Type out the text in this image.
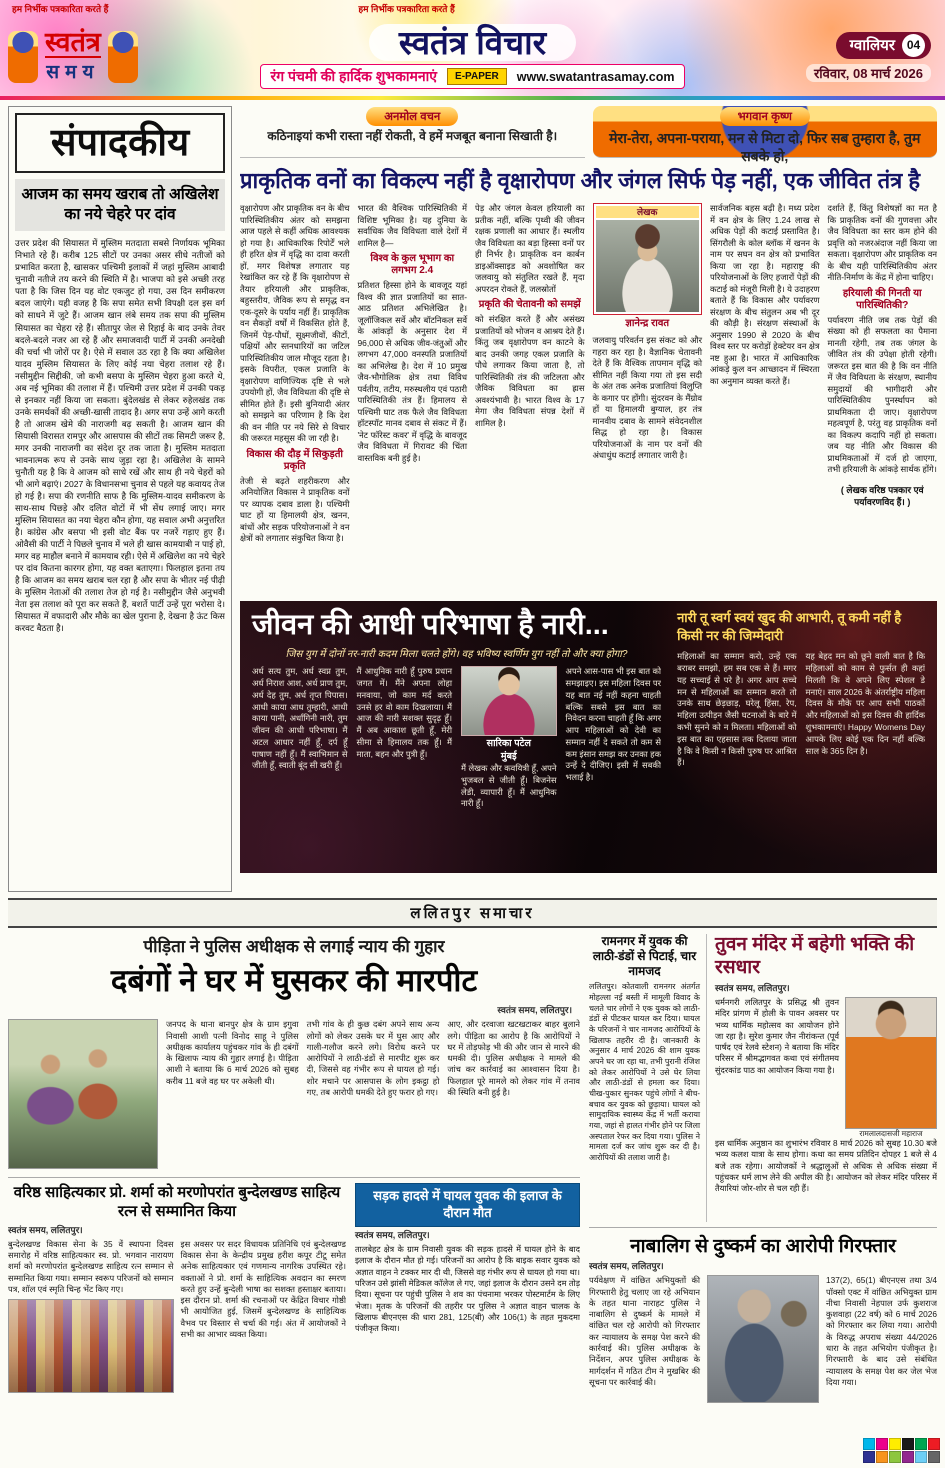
हम निर्भीक पत्रकारिता करते हैं	हम निर्भीक पत्रकारिता करते हैं
स्वतंत्र
समय
स्वतंत्र विचार
रंग पंचमी की हार्दिक शुभकामनाएं	E-PAPER	www.swatantrasamay.com
ग्वालियर 04
रविवार, 08 मार्च 2026
संपादकीय
आजम का समय खराब तो अखिलेश का नये चेहरे पर दांव
उत्तर प्रदेश की सियासत में मुस्लिम मतदाता सबसे निर्णायक भूमिका निभाते रहे हैं। करीब 125 सीटों पर उनका असर सीधे नतीजों को प्रभावित करता है, खासकर पश्चिमी इलाकों में जहां मुस्लिम आबादी चुनावी नतीजे तय करने की स्थिति में है। भाजपा को इसे अच्छी तरह पता है कि जिस दिन यह वोट एकजुट हो गया, उस दिन समीकरण बदल जाएंगे। यही वजह है कि सपा समेत सभी विपक्षी दल इस वर्ग को साधने में जुटे हैं। आजम खान लंबे समय तक सपा की मुस्लिम सियासत का चेहरा रहे हैं। सीतापुर जेल से रिहाई के बाद उनके तेवर बदले-बदले नजर आ रहे हैं और समाजवादी पार्टी में उनकी अनदेखी की चर्चा भी जोरों पर है। ऐसे में सवाल उठ रहा है कि क्या अखिलेश यादव मुस्लिम सियासत के लिए कोई नया चेहरा तलाश रहे हैं। नसीमुद्दीन सिद्दीकी, जो कभी बसपा के मुस्लिम चेहरा हुआ करते थे, अब नई भूमिका की तलाश में हैं। पश्चिमी उत्तर प्रदेश में उनकी पकड़ से इनकार नहीं किया जा सकता। बुंदेलखंड से लेकर रुहेलखंड तक उनके समर्थकों की अच्छी-खासी तादाद है। अगर सपा उन्हें आगे करती है तो आजम खेमे की नाराजगी बढ़ सकती है। आजम खान की सियासी विरासत रामपुर और आसपास की सीटों तक सिमटी जरूर है, मगर उनकी नाराजगी का संदेश दूर तक जाता है। मुस्लिम मतदाता भावनात्मक रूप से उनके साथ जुड़ा रहा है। अखिलेश के सामने चुनौती यह है कि वे आजम को साधे रखें और साथ ही नये चेहरों को भी आगे बढ़ाएं। 2027 के विधानसभा चुनाव से पहले यह कवायद तेज हो गई है। सपा की रणनीति साफ है कि मुस्लिम-यादव समीकरण के साथ-साथ पिछड़े और दलित वोटों में भी सेंध लगाई जाए। मगर मुस्लिम सियासत का नया चेहरा कौन होगा, यह सवाल अभी अनुत्तरित है। कांग्रेस और बसपा भी इसी वोट बैंक पर नजरें गड़ाए हुए हैं। ओवैसी की पार्टी ने पिछले चुनाव में भले ही खास कामयाबी न पाई हो, मगर वह माहौल बनाने में कामयाब रही। ऐसे में अखिलेश का नये चेहरे पर दांव कितना कारगर होगा, यह वक्त बताएगा। फिलहाल इतना तय है कि आजम का समय खराब चल रहा है और सपा के भीतर नई पीढ़ी के मुस्लिम नेताओं की तलाश तेज हो गई है। नसीमुद्दीन जैसे अनुभवी नेता इस तलाश को पूरा कर सकते हैं, बशर्ते पार्टी उन्हें पूरा भरोसा दे। सियासत में वफादारी और मौके का खेल पुराना है, देखना है ऊंट किस करवट बैठता है।
अनमोल वचन
कठिनाइयां कभी रास्ता नहीं रोकती, वे हमें मजबूत बनाना सिखाती है।
भगवान कृष्ण
मेरा-तेरा, अपना-पराया, मन से मिटा दो, फिर सब तुम्हारा है, तुम सबके हो,
प्राकृतिक वनों का विकल्प नहीं है वृक्षारोपण और जंगल सिर्फ पेड़ नहीं, एक जीवित तंत्र है

वृक्षारोपण और प्राकृतिक वन के बीच पारिस्थितिकीय अंतर को समझना आज पहले से कहीं अधिक आवश्यक हो गया है। आधिकारिक रिपोर्टें भले ही हरित क्षेत्र में वृद्धि का दावा करती हों, मगर विशेषज्ञ लगातार यह रेखांकित कर रहे हैं कि वृक्षारोपण से तैयार हरियाली और प्राकृतिक, बहुस्तरीय, जैविक रूप से समृद्ध वन एक-दूसरे के पर्याय नहीं हैं। प्राकृतिक वन सैकड़ों वर्षों में विकसित होते हैं, जिनमें पेड़-पौधों, सूक्ष्मजीवों, कीटों, पक्षियों और स्तनधारियों का जटिल पारिस्थितिकीय जाल मौजूद रहता है। इसके विपरीत, एकल प्रजाति के वृक्षारोपण वाणिज्यिक दृष्टि से भले उपयोगी हों, जैव विविधता की दृष्टि से सीमित होते हैं। इसी बुनियादी अंतर को समझने का परिणाम है कि देश की वन नीति पर नये सिरे से विचार की जरूरत महसूस की जा रही है।

विकास की दौड़ में सिकुड़ती प्रकृति

तेजी से बढ़ते शहरीकरण और अनियोजित विकास ने प्राकृतिक वनों पर व्यापक दबाव डाला है। पश्चिमी घाट हों या हिमालयी क्षेत्र, खनन, बांधों और सड़क परियोजनाओं ने वन क्षेत्रों को लगातार संकुचित किया है।

भारत की वैश्विक पारिस्थितिकी में विशिष्ट भूमिका है। यह दुनिया के सर्वाधिक जैव विविधता वाले देशों में शामिल है—

विश्व के कुल भूभाग का लगभग 2.4

प्रतिशत हिस्सा होने के बावजूद यहां विश्व की ज्ञात प्रजातियों का सात-आठ प्रतिशत अभिलेखित है। जूलॉजिकल सर्वे और बॉटनिकल सर्वे के आंकड़ों के अनुसार देश में 96,000 से अधिक जीव-जंतुओं और लगभग 47,000 वनस्पति प्रजातियों का अभिलेख है। देश में 10 प्रमुख जैव-भौगोलिक क्षेत्र तथा विविध पर्वतीय, तटीय, मरुस्थलीय एवं पठारी पारिस्थितिकी तंत्र हैं। हिमालय से पश्चिमी घाट तक फैले जैव विविधता हॉटस्पॉट मानव दबाव से संकट में हैं। 'नेट फॉरेस्ट कवर' में वृद्धि के बावजूद जैव विविधता में गिरावट की चिंता वास्तविक बनी हुई है।

पेड़ और जंगल केवल हरियाली का प्रतीक नहीं, बल्कि पृथ्वी की जीवन रक्षक प्रणाली का आधार हैं। स्थलीय जैव विविधता का बड़ा हिस्सा वनों पर ही निर्भर है। प्राकृतिक वन कार्बन डाइऑक्साइड को अवशोषित कर जलवायु को संतुलित रखते हैं, मृदा अपरदन रोकते हैं, जलस्रोतों

प्रकृति की चेतावनी को समझें

को संरक्षित करते हैं और असंख्य प्रजातियों को भोजन व आश्रय देते हैं। किंतु जब वृक्षारोपण वन काटने के बाद उनकी जगह एकल प्रजाति के पौधे लगाकर किया जाता है, तो पारिस्थितिकी तंत्र की जटिलता और जैविक विविधता का ह्रास अवश्यंभावी है। भारत विश्व के 17 मेगा जैव विविधता संपन्न देशों में शामिल है।

लेखक
ज्ञानेन्द्र रावत

जलवायु परिवर्तन इस संकट को और गहरा कर रहा है। वैज्ञानिक चेतावनी देते हैं कि वैश्विक तापमान वृद्धि को सीमित नहीं किया गया तो इस सदी के अंत तक अनेक प्रजातियां विलुप्ति के कगार पर होंगी। सुंदरवन के मैंग्रोव हों या हिमालयी बुग्याल, हर तंत्र मानवीय दबाव के सामने संवेदनशील सिद्ध हो रहा है। विकास परियोजनाओं के नाम पर वनों की अंधाधुंध कटाई लगातार जारी है।

सार्वजनिक बहस बढ़ी है। मध्य प्रदेश में वन क्षेत्र के लिए 1.24 लाख से अधिक पेड़ों की कटाई प्रस्तावित है। सिंगरौली के कोल ब्लॉक में खनन के नाम पर सघन वन क्षेत्र को प्रभावित किया जा रहा है। महाराष्ट्र की परियोजनाओं के लिए हजारों पेड़ों की कटाई को मंजूरी मिली है। ये उदाहरण बताते हैं कि विकास और पर्यावरण संरक्षण के बीच संतुलन अब भी दूर की कौड़ी है। संरक्षण संस्थाओं के अनुसार 1990 से 2020 के बीच विश्व स्तर पर करोड़ों हेक्टेयर वन क्षेत्र नष्ट हुआ है। भारत में आधिकारिक आंकड़े कुल वन आच्छादन में स्थिरता का अनुमान व्यक्त करते हैं।

दर्शाते हैं, किंतु विशेषज्ञों का मत है कि प्राकृतिक वनों की गुणवत्ता और जैव विविधता का स्तर कम होने की प्रवृत्ति को नजरअंदाज नहीं किया जा सकता। वृक्षारोपण और प्राकृतिक वन के बीच यही पारिस्थितिकीय अंतर नीति-निर्माण के केंद्र में होना चाहिए।

हरियाली की गिनती या पारिस्थितिकी?

पर्यावरण नीति जब तक पेड़ों की संख्या को ही सफलता का पैमाना मानती रहेगी, तब तक जंगल के जीवित तंत्र की उपेक्षा होती रहेगी। जरूरत इस बात की है कि वन नीति में जैव विविधता के संरक्षण, स्थानीय समुदायों की भागीदारी और पारिस्थितिकीय पुनर्स्थापन को प्राथमिकता दी जाए। वृक्षारोपण महत्वपूर्ण है, परंतु वह प्राकृतिक वनों का विकल्प कदापि नहीं हो सकता। जब यह नीति और विकास की प्राथमिकताओं में दर्ज हो जाएगा, तभी हरियाली के आंकड़े सार्थक होंगे।

( लेखक वरिष्ठ पत्रकार एवं पर्यावरणविद हैं। )
जीवन की आधी परिभाषा है नारी...
जिस युग में दोनों नर-नारी कदम मिला चलते होंगे। वह भविष्य स्वर्णिम युग नहीं तो और क्या होगा?
अर्ध सत्य तुम, अर्ध स्वप्न तुम, अर्ध निराश आश, अर्ध प्राण तुम, अर्ध देह तुम, अर्ध तृप्त पिपास। आधी काया आध तुम्हारी, आधी काया पानी, अर्धांगिनी नारी, तुम जीवन की आधी परिभाषा। मैं अटल आधार नहीं हूँ, दर्प हूँ पाषाण नहीं हूँ। मैं स्वाभिमान से जीती हूँ, स्वाती बूंद सी खरी हूँ।
मैं आधुनिक नारी हूँ पुरुष प्रधान जगत में। मैंने अपना लोहा मनवाया, जो काम मर्द करते उनसे हर वो काम दिखलाया। मैं आज की नारी सशक्त सुदृढ़ हूँ। मैं अब आकाश छूती हूँ, मेरी सीमा से हिमालय तक हूँ। मैं माता, बहन और पुत्री हूँ।
सारिका पटेल
मुंबई

मैं लेखक और कवयित्री हूँ, अपने भुजबल से जीती हूँ। बिजनेस लेडी, व्यापारी हूँ। मैं आधुनिक नारी हूँ।

अपने आस-पास भी इस बात को समझाइए। इस महिला दिवस पर यह बात नई नहीं कहना चाहती बल्कि सबसे इस बात का निवेदन करना चाहती हूँ कि अगर आप महिलाओं को देवी का सम्मान नहीं दे सकते तो कम से कम इंसान समझ कर उनका हक उन्हें दे दीजिए। इसी में सबकी भलाई है।
नारी तू स्वर्ग स्वयं खुद की आभारी, तू कमी नहीं है किसी नर की जिम्मेदारी
महिलाओं का सम्मान करो, उन्हें एक बराबर समझो, हम सब एक से हैं। मगर यह सच्चाई से परे है। अगर आप सच्चे मन से महिलाओं का सम्मान करते तो उनके साथ छेड़छाड़, घरेलू हिंसा, रेप, महिला उत्पीड़न जैसी घटनाओं के बारे में कभी सुनने को न मिलता। महिलाओं को इस बात का एहसास तक दिलाया जाता है कि वे किसी न किसी पुरुष पर आश्रित हैं।
यह बेहद मन को छूने वाली बात है कि महिलाओं को काम से फुर्सत ही कहां मिलती कि वे अपने लिए स्पेशल डे मनाएं। साल 2026 के अंतर्राष्ट्रीय महिला दिवस के मौके पर आप सभी पाठकों और महिलाओं को इस दिवस की हार्दिक शुभकामनाएं। Happy Womens Day आपके लिए कोई एक दिन नहीं बल्कि साल के 365 दिन है।
ललितपुर समाचार
पीड़िता ने पुलिस अधीक्षक से लगाई न्याय की गुहार
दबंगों ने घर में घुसकर की मारपीट
स्वतंत्र समय, ललितपुर।
जनपद के थाना बानपुर क्षेत्र के ग्राम इगुवा निवासी आशी पत्नी विनोद साहू ने पुलिस अधीक्षक कार्यालय पहुंचकर गांव के ही दबंगों के खिलाफ न्याय की गुहार लगाई है। पीड़िता आशी ने बताया कि 6 मार्च 2026 को सुबह करीब 11 बजे वह घर पर अकेली थी।
तभी गांव के ही कुछ दबंग अपने साथ अन्य लोगों को लेकर उसके घर में घुस आए और गाली-गलौज करने लगे। विरोध करने पर आरोपियों ने लाठी-डंडों से मारपीट शुरू कर दी, जिससे वह गंभीर रूप से घायल हो गई। शोर मचाने पर आसपास के लोग इकट्ठा हो गए, तब आरोपी धमकी देते हुए फरार हो गए।
आए, और दरवाजा खटखटाकर बाहर बुलाने लगे। पीड़िता का आरोप है कि आरोपियों ने घर में तोड़फोड़ भी की और जान से मारने की धमकी दी। पुलिस अधीक्षक ने मामले की जांच कर कार्रवाई का आश्वासन दिया है। फिलहाल पूरे मामले को लेकर गांव में तनाव की स्थिति बनी हुई है।
वरिष्ठ साहित्यकार प्रो. शर्मा को मरणोपरांत बुन्देलखण्ड साहित्य रत्न से सम्मानित किया
स्वतंत्र समय, ललितपुर।

बुन्देलखण्ड विकास सेना के 35 वें स्थापना दिवस समारोह में वरिष्ठ साहित्यकार स्व. प्रो. भगवान नारायण शर्मा को मरणोपरांत बुन्देलखण्ड साहित्य रत्न सम्मान से सम्मानित किया गया। सम्मान स्वरूप परिजनों को सम्मान पत्र, शॉल एवं स्मृति चिन्ह भेंट किए गए।

इस अवसर पर सदर विधायक प्रतिनिधि एवं बुन्देलखण्ड विकास सेना के केन्द्रीय प्रमुख हरीश कपूर टीटू समेत अनेक साहित्यकार एवं गणमान्य नागरिक उपस्थित रहे। वक्ताओं ने प्रो. शर्मा के साहित्यिक अवदान का स्मरण करते हुए उन्हें बुन्देली भाषा का सशक्त हस्ताक्षर बताया। इस दौरान प्रो. शर्मा की रचनाओं पर केंद्रित विचार गोष्ठी भी आयोजित हुई, जिसमें बुन्देलखण्ड के साहित्यिक वैभव पर विस्तार से चर्चा की गई। अंत में आयोजकों ने सभी का आभार व्यक्त किया।
सड़क हादसे में घायल युवक की इलाज के दौरान मौत
स्वतंत्र समय, ललितपुर।
तालबेहट क्षेत्र के ग्राम निवासी युवक की सड़क हादसे में घायल होने के बाद इलाज के दौरान मौत हो गई। परिजनों का आरोप है कि बाइक सवार युवक को अज्ञात वाहन ने टक्कर मार दी थी, जिससे वह गंभीर रूप से घायल हो गया था। परिजन उसे झांसी मेडिकल कॉलेज ले गए, जहां इलाज के दौरान उसने दम तोड़ दिया। सूचना पर पहुंची पुलिस ने शव का पंचनामा भरकर पोस्टमार्टम के लिए भेजा। मृतक के परिजनों की तहरीर पर पुलिस ने अज्ञात वाहन चालक के खिलाफ बीएनएस की धारा 281, 125(बी) और 106(1) के तहत मुकदमा पंजीकृत किया।
रामनगर में युवक की लाठी-डंडों से पिटाई, चार नामजद
ललितपुर। कोतवाली रामनगर अंतर्गत मोहल्ला नई बस्ती में मामूली विवाद के चलते चार लोगों ने एक युवक को लाठी-डंडों से पीटकर घायल कर दिया। घायल के परिजनों ने चार नामजद आरोपियों के खिलाफ तहरीर दी है। जानकारी के अनुसार 4 मार्च 2026 की शाम युवक अपने घर जा रहा था, तभी पुरानी रंजिश को लेकर आरोपियों ने उसे घेर लिया और लाठी-डंडों से हमला कर दिया। चीख-पुकार सुनकर पहुंचे लोगों ने बीच-बचाव कर युवक को छुड़ाया। घायल को सामुदायिक स्वास्थ्य केंद्र में भर्ती कराया गया, जहां से हालत गंभीर होने पर जिला अस्पताल रेफर कर दिया गया। पुलिस ने मामला दर्ज कर जांच शुरू कर दी है। आरोपियों की तलाश जारी है।
तुवन मंदिर में बहेगी भक्ति की रसधार
स्वतंत्र समय, ललितपुर।
धर्मनगरी ललितपुर के प्रसिद्ध श्री तुवन मंदिर प्रांगण में होली के पावन अवसर पर भव्य धार्मिक महोत्सव का आयोजन होने जा रहा है। सुरेश कुमार जैन नीरांकन्त (पूर्व पार्षद एवं रेलवे स्टेशन) ने बताया कि मंदिर परिसर में श्रीमद्भागवत कथा एवं संगीतमय सुंदरकांड पाठ का आयोजन किया गया है।
रामलालदासजी महाराज
इस धार्मिक अनुष्ठान का शुभारंभ रविवार 8 मार्च 2026 को सुबह 10.30 बजे भव्य कलश यात्रा के साथ होगा। कथा का समय प्रतिदिन दोपहर 1 बजे से 4 बजे तक रहेगा। आयोजकों ने श्रद्धालुओं से अधिक से अधिक संख्या में पहुंचकर धर्म लाभ लेने की अपील की है। आयोजन को लेकर मंदिर परिसर में तैयारियां जोर-शोर से चल रही हैं।
नाबालिग से दुष्कर्म का आरोपी गिरफ्तार
स्वतंत्र समय, ललितपुर।
पर्यवेक्षण में वांछित अभियुक्तों की गिरफ्तारी हेतु चलाए जा रहे अभियान के तहत थाना नाराहट पुलिस ने नाबालिग से दुष्कर्म के मामले में वांछित चल रहे आरोपी को गिरफ्तार कर न्यायालय के समक्ष पेश करने की कार्रवाई की। पुलिस अधीक्षक के निर्देशन, अपर पुलिस अधीक्षक के मार्गदर्शन में गठित टीम ने मुखबिर की सूचना पर कार्रवाई की।
137(2), 65(1) बीएनएस तथा 3/4 पॉक्सो एक्ट में वांछित अभियुक्त ग्राम नीचा निवासी नेहपाल उर्फ कुशराज कुशवाहा (22 वर्ष) को 6 मार्च 2026 को गिरफ्तार कर लिया गया। आरोपी के विरुद्ध अपराध संख्या 44/2026 धारा के तहत अभियोग पंजीकृत है। गिरफ्तारी के बाद उसे संबंधित न्यायालय के समक्ष पेश कर जेल भेज दिया गया।
